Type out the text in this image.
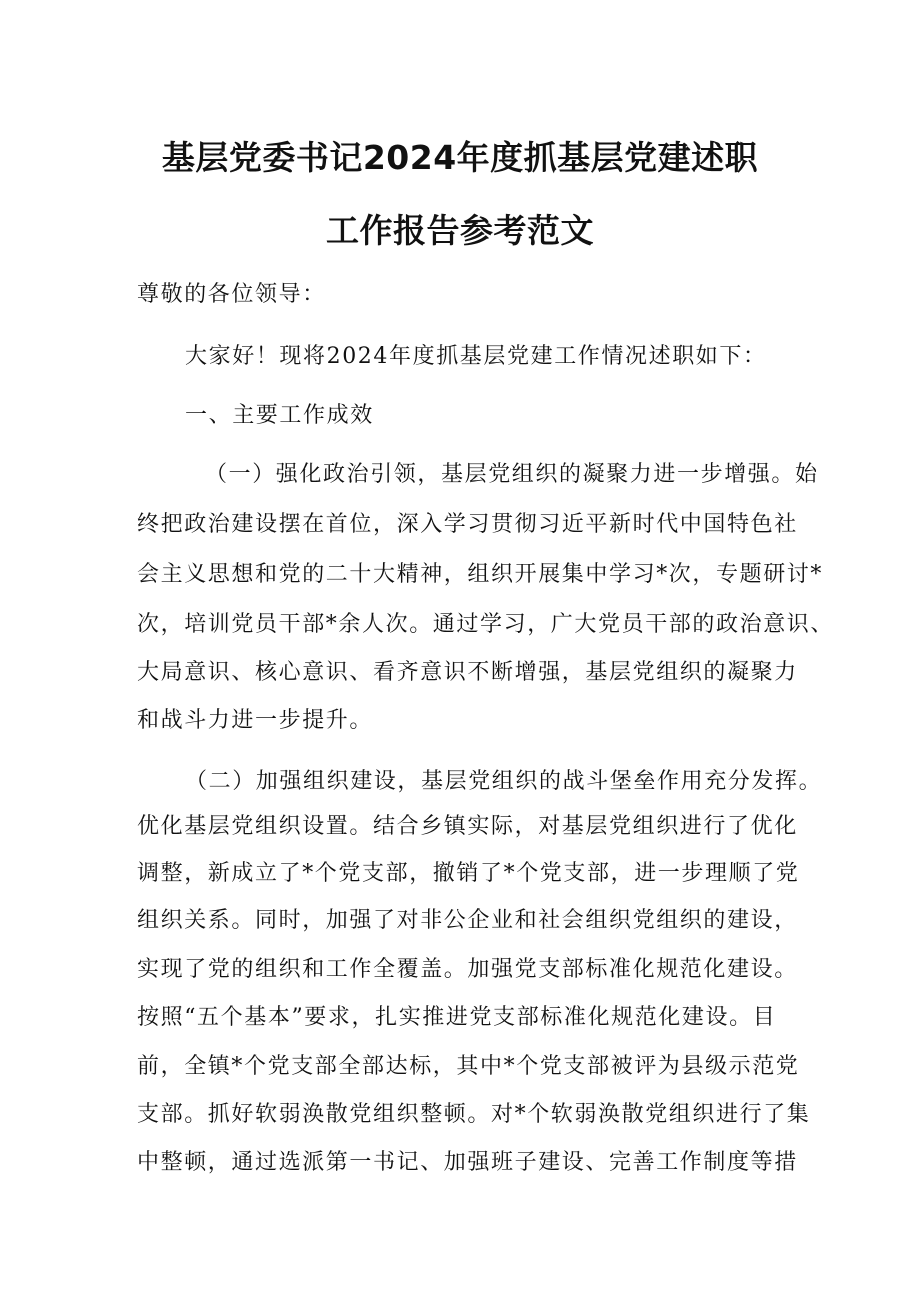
基层党委书记2024年度抓基层党建述职
工作报告参考范文
尊敬的各位领导：
大家好！现将2024年度抓基层党建工作情况述职如下：
一、主要工作成效
（一）强化政治引领，基层党组织的凝聚力进一步增强。始
终把政治建设摆在首位，深入学习贯彻习近平新时代中国特色社
会主义思想和党的二十大精神，组织开展集中学习*次，专题研讨*
次，培训党员干部*余人次。通过学习，广大党员干部的政治意识、
大局意识、核心意识、看齐意识不断增强，基层党组织的凝聚力
和战斗力进一步提升。
（二）加强组织建设，基层党组织的战斗堡垒作用充分发挥。
优化基层党组织设置。结合乡镇实际，对基层党组织进行了优化
调整，新成立了*个党支部，撤销了*个党支部，进一步理顺了党
组织关系。同时，加强了对非公企业和社会组织党组织的建设，
实现了党的组织和工作全覆盖。加强党支部标准化规范化建设。
按照“五个基本”要求，扎实推进党支部标准化规范化建设。目
前，全镇*个党支部全部达标，其中*个党支部被评为县级示范党
支部。抓好软弱涣散党组织整顿。对*个软弱涣散党组织进行了集
中整顿，通过选派第一书记、加强班子建设、完善工作制度等措
